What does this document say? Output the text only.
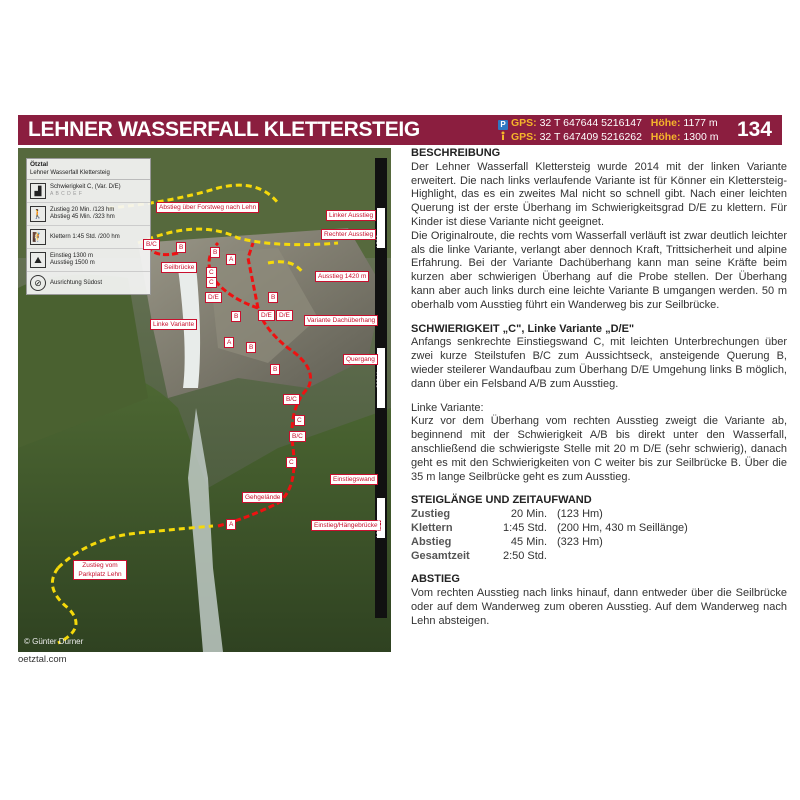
LEHNER WASSERFALL KLETTERSTEIG	P GPS: 32 T 647644 5216147 Höhe: 1177 m
GPS: 32 T 647409 5216262 Höhe: 1300 m 134
Ötztal
Lehner Wasserfall Klettersteig
▟	Schwierigkeit C, (Var. D/E)
A B C D E F
🚶	Zustieg 20 Min. /123 hm
Abstieg 45 Min. /323 hm
🧗	Klettern 1:45 Std. /200 hm
⛰	Einstieg 1300 m
Ausstieg 1500 m
⊘	Ausrichtung Südost
Abstieg über Forstweg nach Lehn
Linker Ausstieg
Rechter Ausstieg
Ausstieg 1420 m
Seilbrücke
Linke Variante
Variante Dachüberhang
Quergang
Einstiegswand
Gehgelände
Einstieg/Hängebrücke
Zustieg vom Parkplatz Lehn
B/C	B
B
A
C
C
D/E
D/E
B
B
D/E
A
B
B
B/C
C
B/C
C
A
1500 m
200 Hm
1300 m
© Günter Durner
oetztal.com
BESCHREIBUNG

Der Lehner Wasserfall Klettersteig wurde 2014 mit der linken Variante erweitert. Die nach links verlaufende Variante ist für Könner ein Klettersteig-Highlight, das es ein zweites Mal nicht so schnell gibt. Nach einer leichten Querung ist der erste Überhang im Schwierigkeitsgrad D/E zu klettern. Für Kinder ist diese Variante nicht geeignet.

Die Originalroute, die rechts vom Wasserfall verläuft ist zwar deutlich leichter als die linke Variante, verlangt aber dennoch Kraft, Trittsicherheit und alpine Erfahrung. Bei der Variante Dachüberhang kann man seine Kräfte beim kurzen aber schwierigen Überhang auf die Probe stellen. Der Überhang kann aber auch links durch eine leichte Variante B umgangen werden. 50 m oberhalb vom Ausstieg führt ein Wanderweg bis zur Seilbrücke.

SCHWIERIGKEIT „C", Linke Variante „D/E"

Anfangs senkrechte Einstiegswand C, mit leichten Unterbrechungen über zwei kurze Steilstufen B/C zum Aussichtseck, ansteigende Querung B, wieder steilerer Wandaufbau zum Überhang D/E Umgehung links B möglich, dann über ein Felsband A/B zum Ausstieg.

Linke Variante:

Kurz vor dem Überhang vom rechten Ausstieg zweigt die Variante ab, beginnend mit der Schwierigkeit A/B bis direkt unter den Wasserfall, anschließend die schwierigste Stelle mit 20 m D/E (sehr schwierig), danach geht es mit den Schwierigkeiten von C weiter bis zur Seilbrücke B. Über die 35 m lange Seilbrücke geht es zum Ausstieg.

STEIGLÄNGE UND ZEITAUFWAND
Zustieg	20 Min. (123 Hm)
Klettern	1:45 Std. (200 Hm, 430 m Seillänge)
Abstieg	45 Min. (323 Hm)
Gesamtzeit	2:50 Std.
ABSTIEG

Vom rechten Ausstieg nach links hinauf, dann entweder über die Seilbrücke oder auf dem Wanderweg zum oberen Ausstieg. Auf dem Wanderweg nach Lehn absteigen.
